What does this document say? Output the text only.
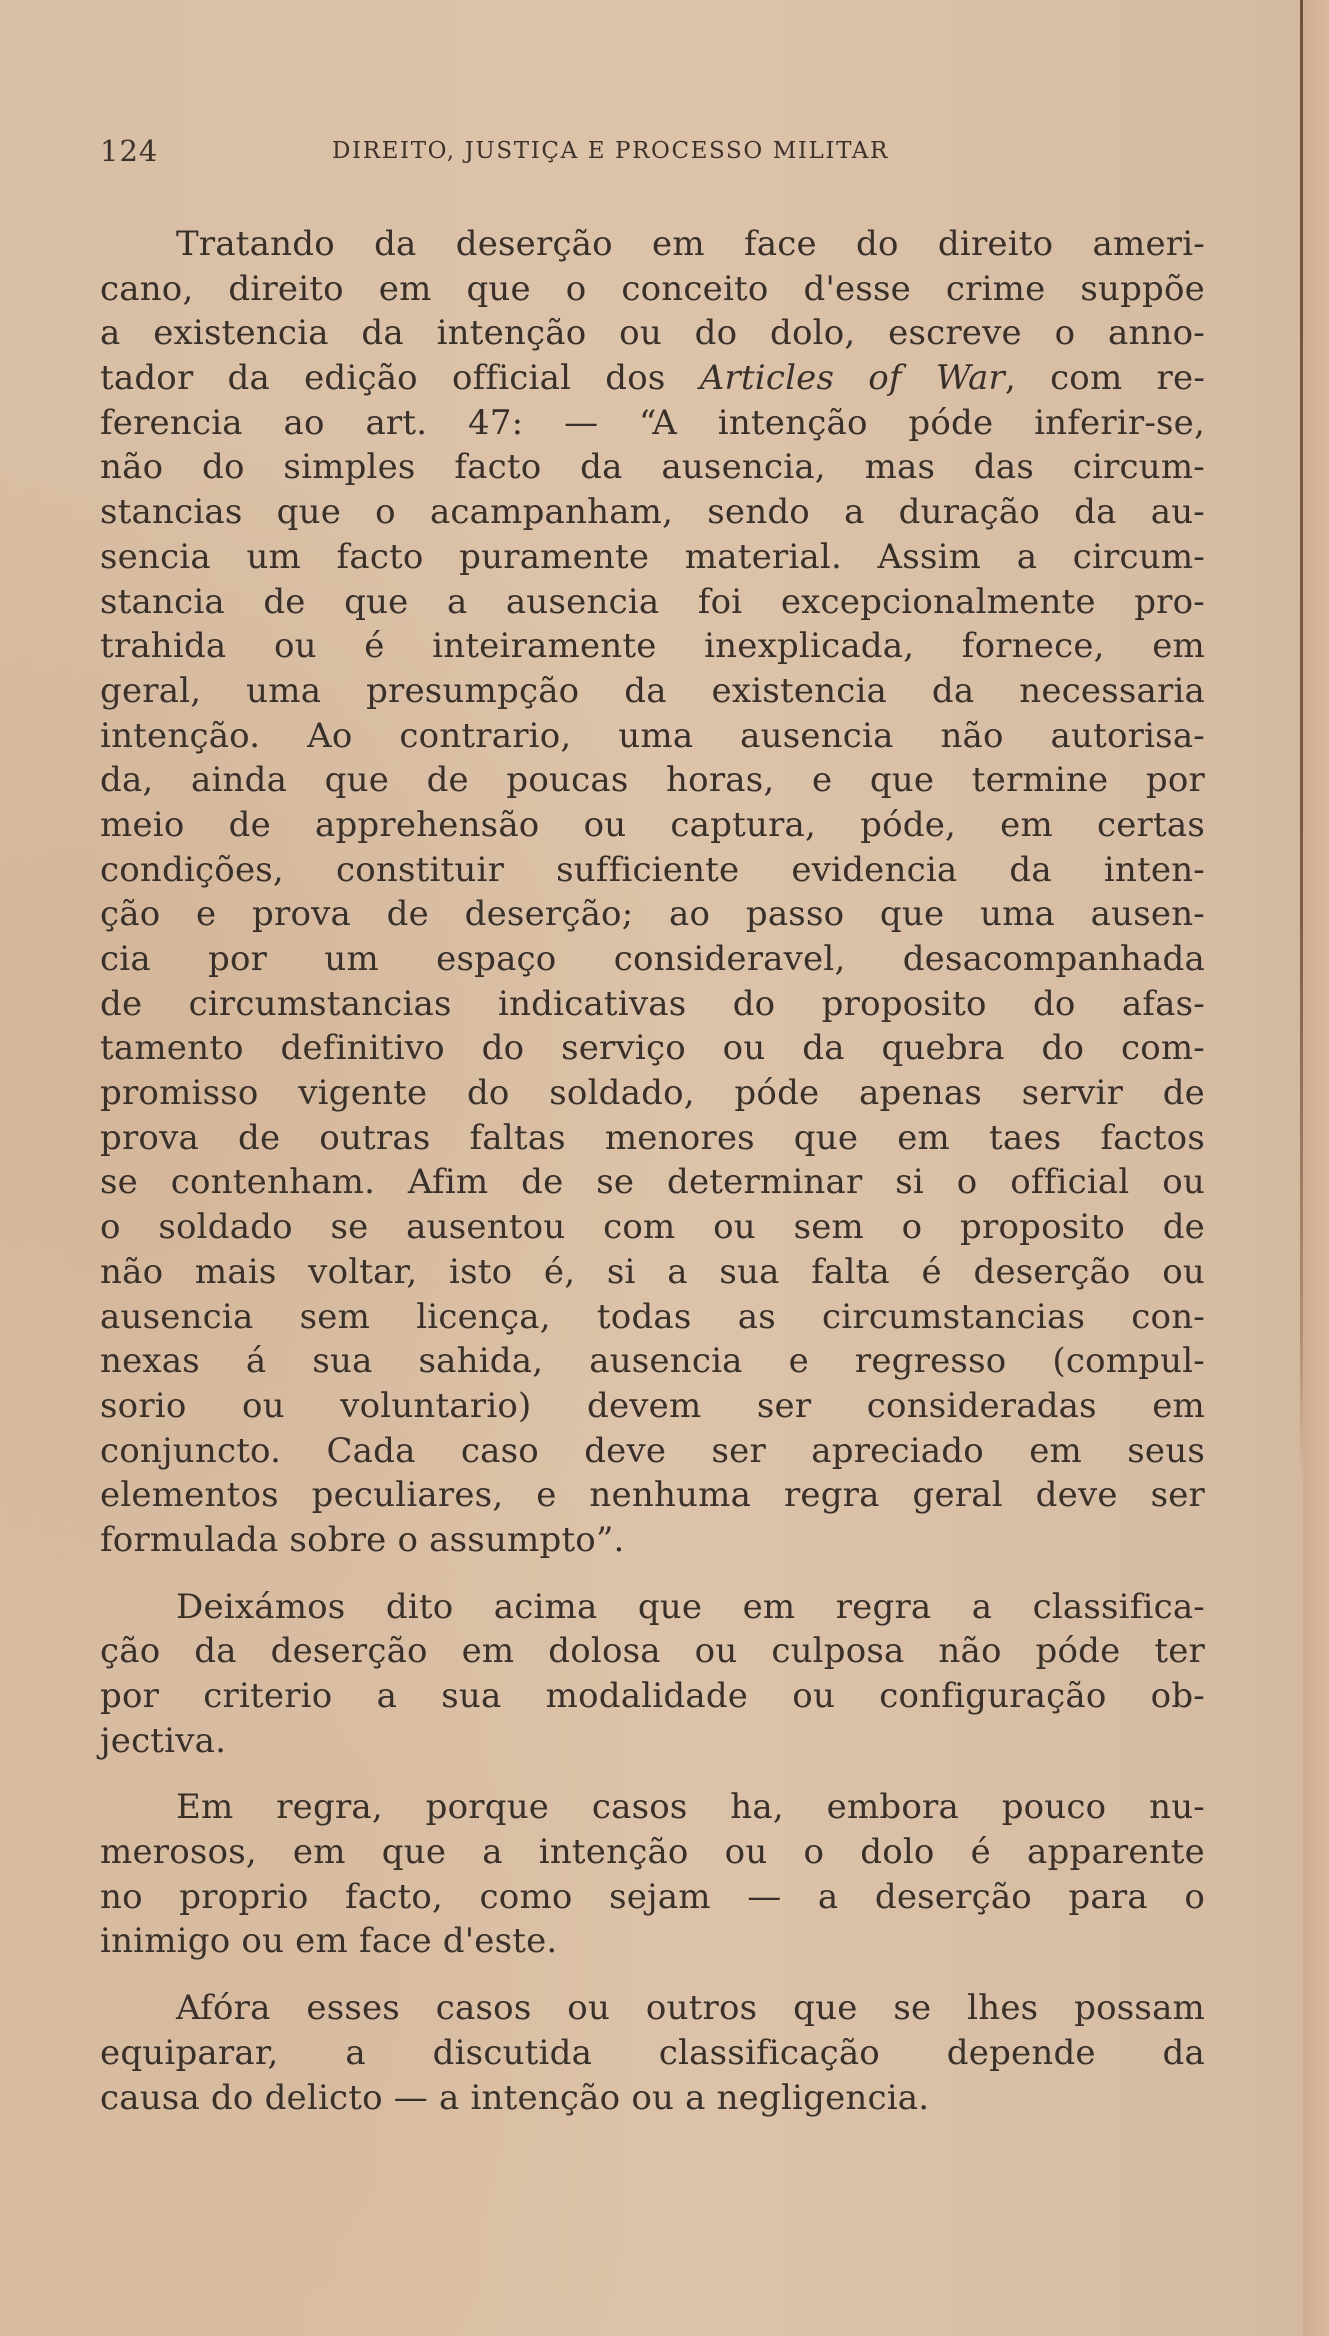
124	DIREITO, JUSTIÇA E PROCESSO MILITAR
Tratando da deserção em face do direito ameri-
cano, direito em que o conceito d'esse crime suppõe
a existencia da intenção ou do dolo, escreve o anno-
tador da edição official dos Articles of War, com re-
ferencia ao art. 47: — “A intenção póde inferir-se,
não do simples facto da ausencia, mas das circum-
stancias que o acampanham, sendo a duração da au-
sencia um facto puramente material. Assim a circum-
stancia de que a ausencia foi excepcionalmente pro-
trahida ou é inteiramente inexplicada, fornece, em
geral, uma presumpção da existencia da necessaria
intenção. Ao contrario, uma ausencia não autorisa-
da, ainda que de poucas horas, e que termine por
meio de apprehensão ou captura, póde, em certas
condições, constituir sufficiente evidencia da inten-
ção e prova de deserção; ao passo que uma ausen-
cia por um espaço consideravel, desacompanhada
de circumstancias indicativas do proposito do afas-
tamento definitivo do serviço ou da quebra do com-
promisso vigente do soldado, póde apenas servir de
prova de outras faltas menores que em taes factos
se contenham. Afim de se determinar si o official ou
o soldado se ausentou com ou sem o proposito de
não mais voltar, isto é, si a sua falta é deserção ou
ausencia sem licença, todas as circumstancias con-
nexas á sua sahida, ausencia e regresso (compul-
sorio ou voluntario) devem ser consideradas em
conjuncto. Cada caso deve ser apreciado em seus
elementos peculiares, e nenhuma regra geral deve ser
formulada sobre o assumpto”.
Deixámos dito acima que em regra a classifica-
ção da deserção em dolosa ou culposa não póde ter
por criterio a sua modalidade ou configuração ob-
jectiva.
Em regra, porque casos ha, embora pouco nu-
merosos, em que a intenção ou o dolo é apparente
no proprio facto, como sejam — a deserção para o
inimigo ou em face d'este.
Afóra esses casos ou outros que se lhes possam
equiparar, a discutida classificação depende da
causa do delicto — a intenção ou a negligencia.
